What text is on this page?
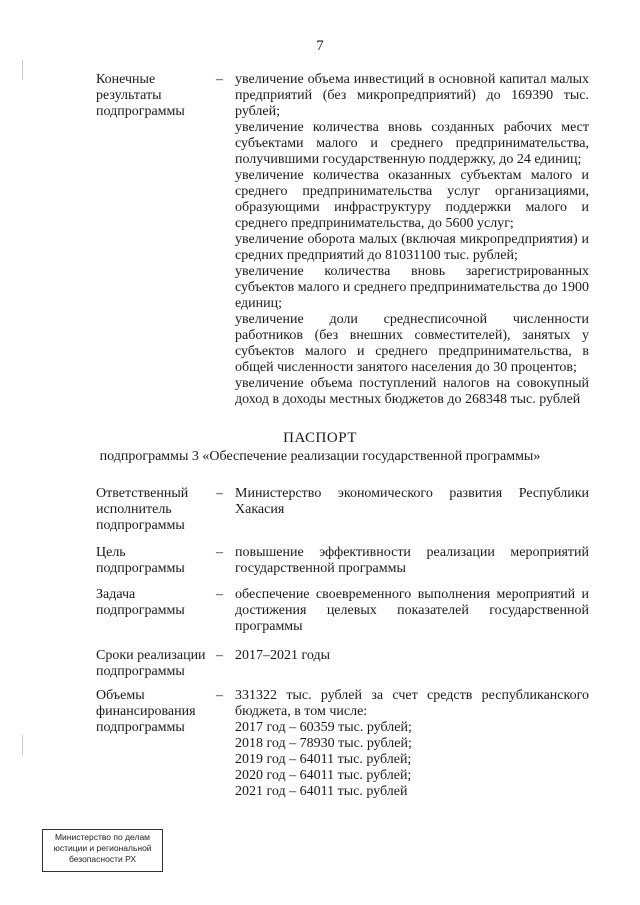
7
Конечные
результаты
подпрограммы
– увеличение объема инвестиций в основной капитал малых предприятий (без микропредприятий) до 169390 тыс. рублей;

увеличение количества вновь созданных рабочих мест субъектами малого и среднего предпринимательства, получившими государственную поддержку, до 24 единиц;

увеличение количества оказанных субъектам малого и среднего предпринимательства услуг организациями, образующими инфраструктуру поддержки малого и среднего предпринимательства, до 5600 услуг;

увеличение оборота малых (включая микропредприятия) и средних предприятий до 81031100 тыс. рублей;

увеличение количества вновь зарегистрированных субъектов малого и среднего предпринимательства до 1900 единиц;

увеличение доли среднесписочной численности работников (без внешних совместителей), занятых у субъектов малого и среднего предпринимательства, в общей численности занятого населения до 30 процентов;

увеличение объема поступлений налогов на совокупный доход в доходы местных бюджетов до 268348 тыс. рублей

ПАСПОРТ
подпрограммы 3 «Обеспечение реализации государственной программы»
Ответственный
исполнитель
подпрограммы
– Министерство экономического развития Республики Хакасия

Цель
подпрограммы
– повышение эффективности реализации мероприятий государственной программы

Задача
подпрограммы
– обеспечение своевременного выполнения мероприятий и достижения целевых показателей государственной программы

Сроки реализации
подпрограммы
– 2017–2021 годы

Объемы
финансирования
подпрограммы
– 331322 тыс. рублей за счет средств республиканского бюджета, в том числе:

2017 год – 60359 тыс. рублей;

2018 год – 78930 тыс. рублей;

2019 год – 64011 тыс. рублей;

2020 год – 64011 тыс. рублей;

2021 год – 64011 тыс. рублей

Министерство по делам
юстиции и региональной
безопасности РХ
